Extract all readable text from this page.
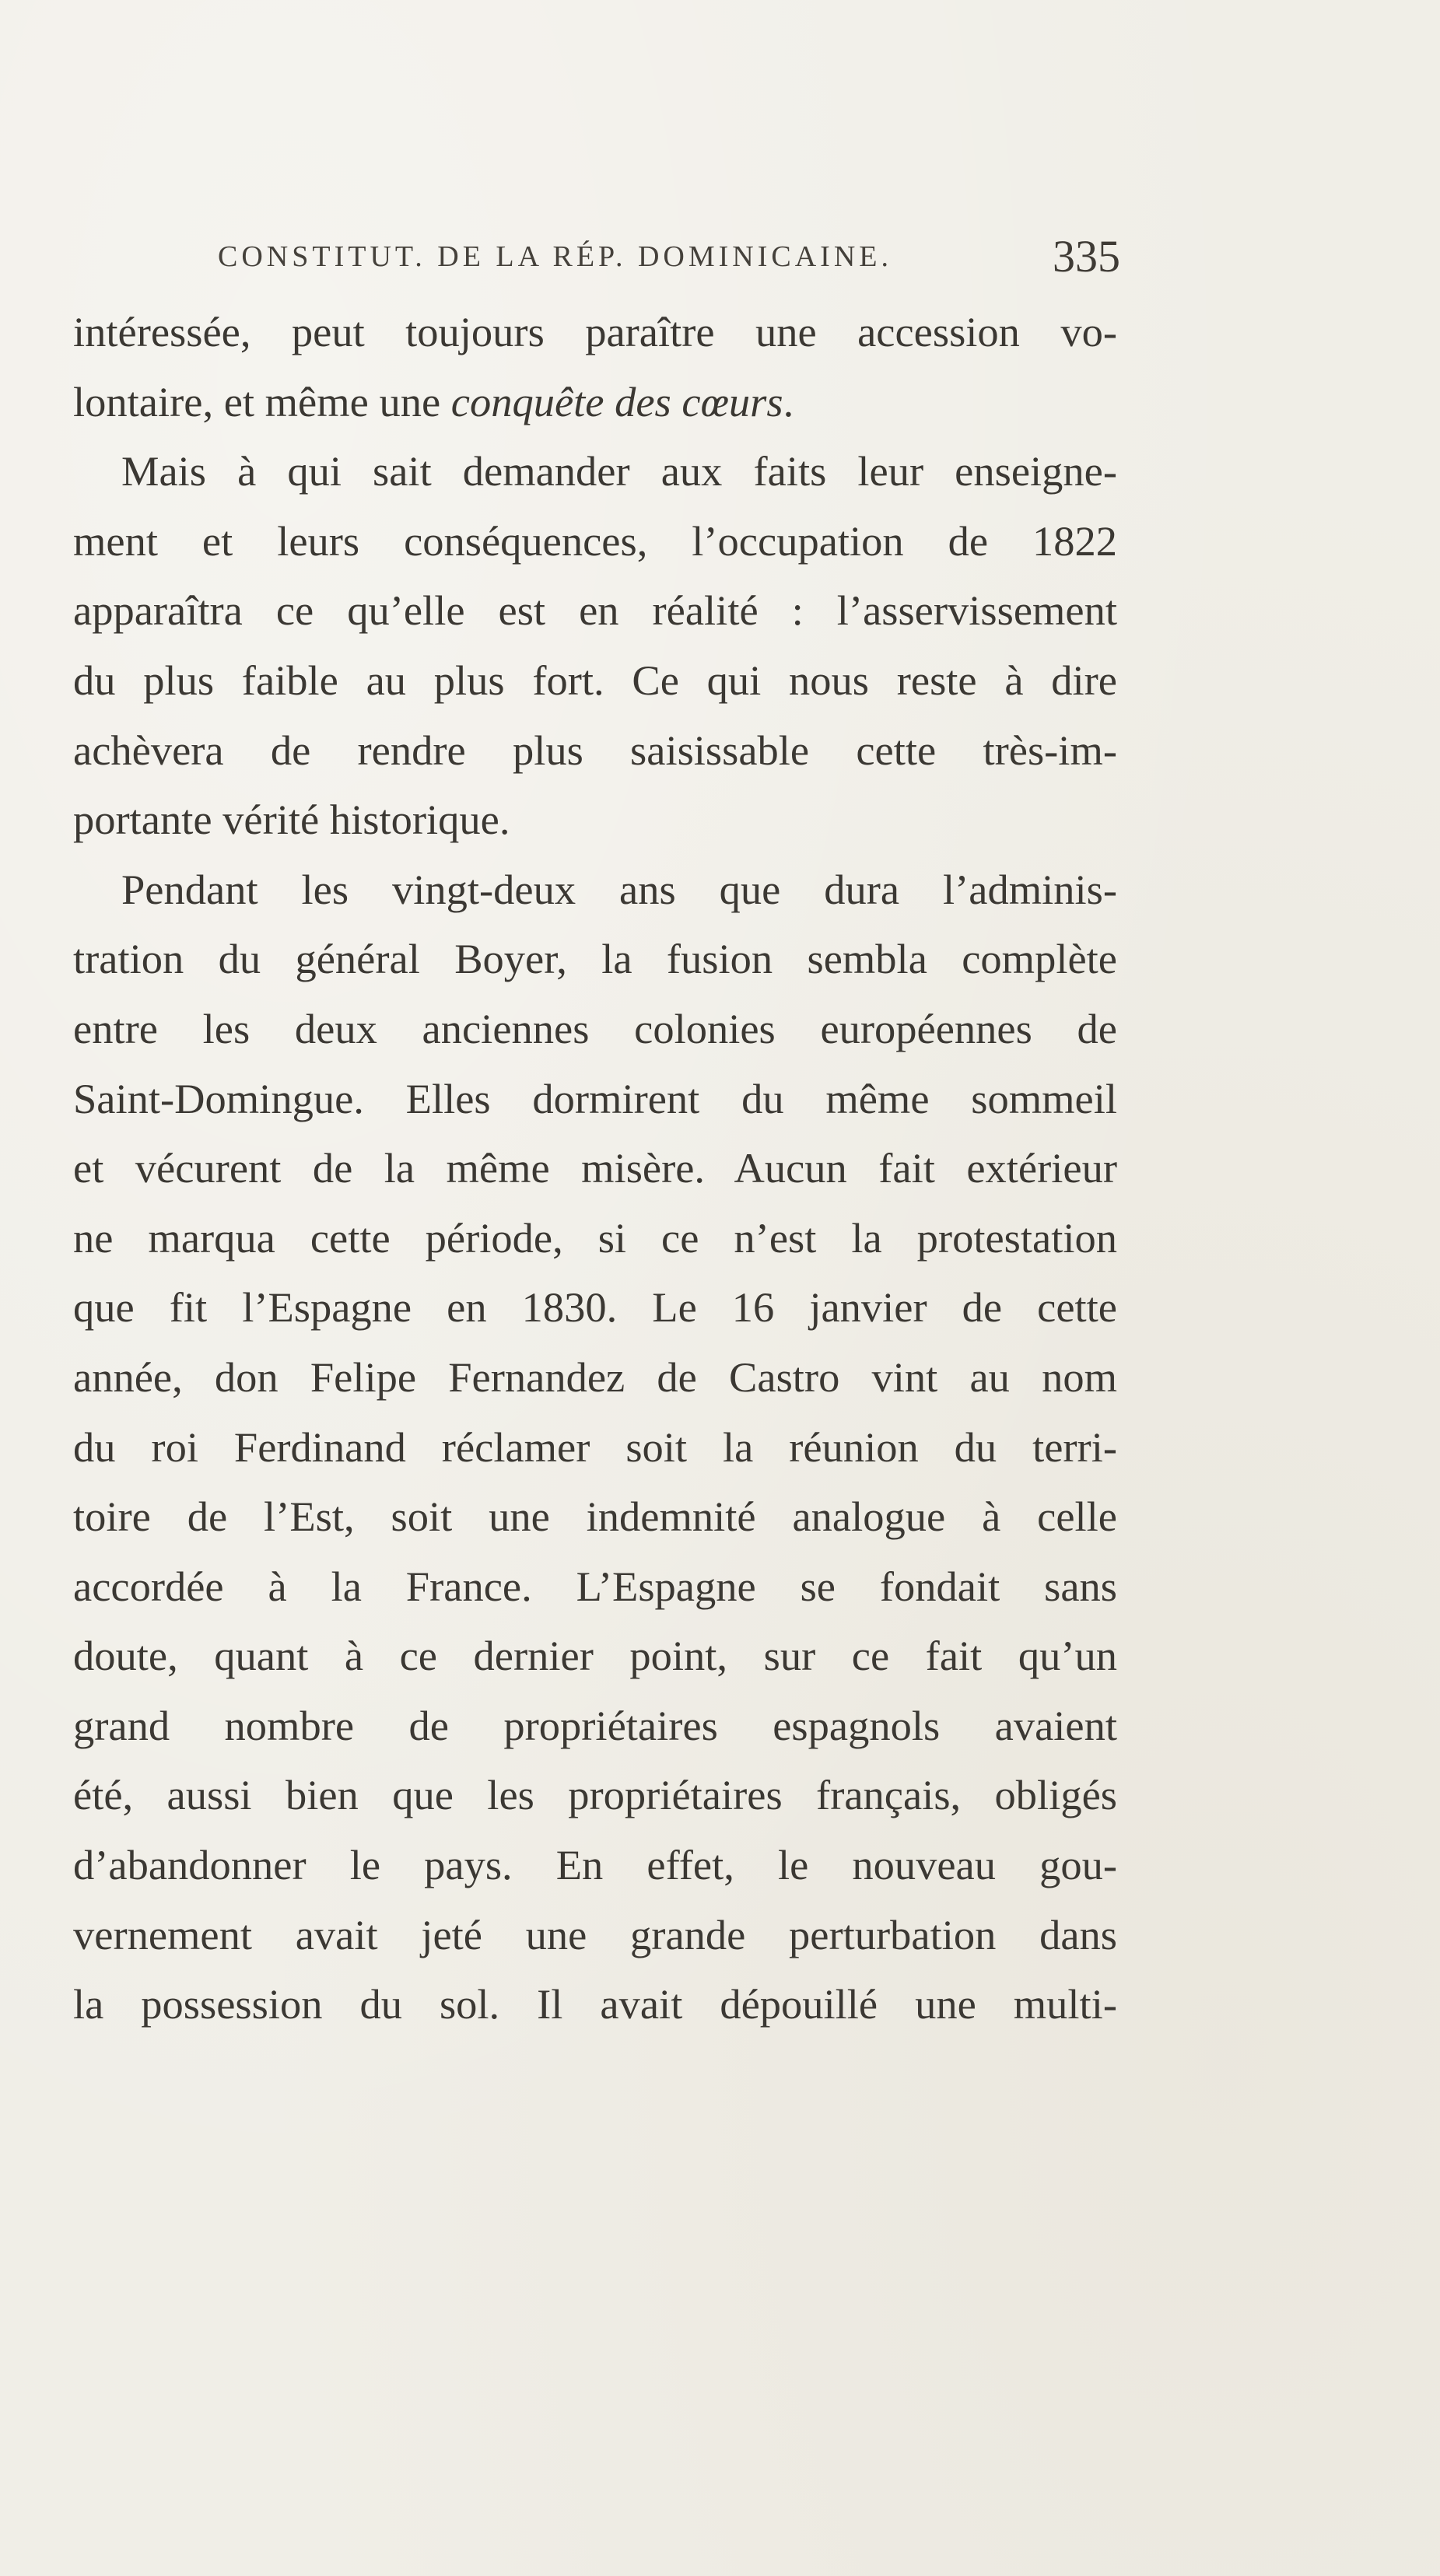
CONSTITUT. DE LA RÉP. DOMINICAINE.	335
intéressée, peut toujours paraître une accession vo-
lontaire, et même une conquête des cœurs.
Mais à qui sait demander aux faits leur enseigne-
ment et leurs conséquences, l’occupation de 1822
apparaîtra ce qu’elle est en réalité : l’asservissement
du plus faible au plus fort. Ce qui nous reste à dire
achèvera de rendre plus saisissable cette très-im-
portante vérité historique.
Pendant les vingt-deux ans que dura l’adminis-
tration du général Boyer, la fusion sembla complète
entre les deux anciennes colonies européennes de
Saint-Domingue. Elles dormirent du même sommeil
et vécurent de la même misère. Aucun fait extérieur
ne marqua cette période, si ce n’est la protestation
que fit l’Espagne en 1830. Le 16 janvier de cette
année, don Felipe Fernandez de Castro vint au nom
du roi Ferdinand réclamer soit la réunion du terri-
toire de l’Est, soit une indemnité analogue à celle
accordée à la France. L’Espagne se fondait sans
doute, quant à ce dernier point, sur ce fait qu’un
grand nombre de propriétaires espagnols avaient
été, aussi bien que les propriétaires français, obligés
d’abandonner le pays. En effet, le nouveau gou-
vernement avait jeté une grande perturbation dans
la possession du sol. Il avait dépouillé une multi-
